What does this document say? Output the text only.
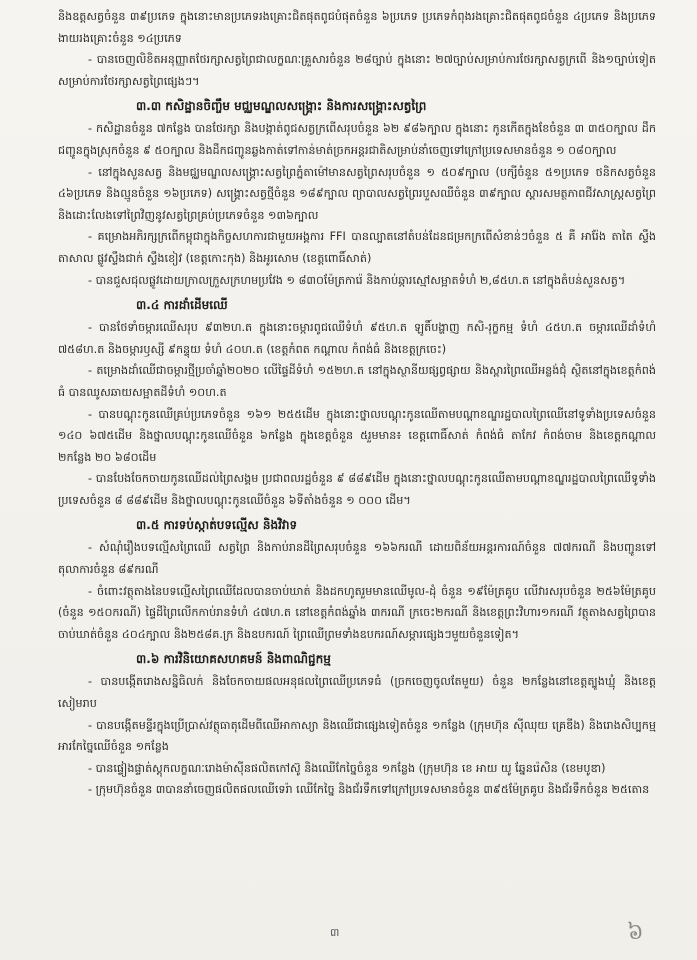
និងឧត្តសត្វចំនួន ៣៩ប្រភេទ ក្នុងនោះមានប្រភេទរងគ្រោះជិតផុតពូជបំផុតចំនួន ៦ប្រភេទ ប្រភេទកំពុងរងគ្រោះជិតផុតពូជចំនួន ៤ប្រភេទ និងប្រភេទងាយរងគ្រោះចំនួន ១៤ប្រភេទ

- បានចេញលិខិតអនុញ្ញាតថែរក្សាសត្វព្រៃជាលក្ខណៈគ្រួសារចំនួន ២៨ច្បាប់ ក្នុងនោះ ២៧ច្បាប់សម្រាប់ការថែរក្សាសត្វក្រពើ និង១ច្បាប់ទៀតសម្រាប់ការថែរក្សាសត្វព្រៃផ្សេងៗ។

៣.៣ កសិដ្ឋានចិញ្ចឹម មជ្ឈមណ្ឌលសង្គ្រោះ និងការសង្គ្រោះសត្វព្រៃ

- កសិដ្ឋានចំនួន ៧កន្លែង បានថែរក្សា និងបង្កាត់ពូជសត្វក្រពើសរុបចំនួន ៦២ ៩៨៦ក្បាល ក្នុងនោះ កូនកើតក្នុងខែចំនួន ៣ ៣៥០ក្បាល ដឹកជញ្ជូនក្នុងស្រុកចំនួន ៩ ៥០ក្បាល និងដឹកជញ្ជូនឆ្លងកាត់ទៅកាន់មាត់ច្រកអន្តរជាតិសម្រាប់នាំចេញទៅក្រៅប្រទេសមានចំនួន ១ ០៨០ក្បាល

- នៅក្នុងសួនសត្វ និងមជ្ឈមណ្ឌលសង្គ្រោះសត្វព្រៃភ្នំតាម៉ៅមានសត្វព្រៃសរុបចំនួន ១ ៥០៩ក្បាល (បក្សីចំនួន ៥១ប្រភេទ ថនិកសត្វចំនួន ៤៦ប្រភេទ និងល្មូនចំនួន ១៦ប្រភេទ) សង្គ្រោះសត្វថ្មីចំនួន ១៨៩ក្បាល ព្យាបាលសត្វព្រៃរបួសឈឺចំនួន ៣៩ក្បាល ស្តារសមត្ថភាពជីវសាស្ត្រសត្វព្រៃ និងដោះលែងទៅព្រៃវិញនូវសត្វព្រៃគ្រប់ប្រភេទចំនួន ១៣៦ក្បាល

- គម្រោងអភិរក្សក្រពើកម្ពុជាក្នុងកិច្ចសហការជាមួយអង្គការ FFI បានល្បាតនៅតំបន់ដែនជម្រកក្រពើសំខាន់ៗចំនួន ៥ គឺ អារ៉ែង តាតៃ ស្ទឹងតាសាល ផ្លូវស្ទឹងជាក់ ស្ទឹងខៀវ (ខេត្តកោះកុង) និងអូរសោម (ខេត្តពោធិ៍សាត់)

- បានជួសជុលផ្លូវដោយក្រាលក្រួសក្រហមប្រវែង ១ ៨៣០ម៉ែត្រការ៉េ និងកាប់ឆ្ការស្មៅសម្អាតទំហំ ២,៨៥ហ.ត នៅក្នុងតំបន់សួនសត្វ។

៣.៤ ការដាំដើមឈើ

- បានថែទាំចម្ការឈើសរុប ៩៣២ហ.ត ក្នុងនោះចម្ការពូជឈើទំហំ ៩៥ហ.ត ឡូតិ៍បង្ហាញ កសិ-រុក្ខកម្ម ទំហំ ៤៥ហ.ត ចម្ការឈើដាំទំហំ ៧៥៨ហ.ត និងចម្ការឫស្សី ៩កន្ទុយ ទំហំ ៤០ហ.ត (ខេត្តកំពត កណ្ដាល កំពង់ធំ និងខេត្តក្រចេះ)

- តម្រោងដាំឈើជាចម្ការថ្មីប្រចាំឆ្នាំ២០២០ លើផ្ទៃដីទំហំ ១៥២ហ.ត នៅក្នុងស្ថានីយផ្សព្វផ្សាយ និងស្ពារព្រៃឈើអន្លង់ជុំ ស្ថិតនៅក្នុងខេត្តកំពង់ធំ បានឈូសឆាយសម្អាតដីទំហំ ១០ហ.ត

- បានបណ្ដុះកូនឈើគ្រប់ប្រភេទចំនួន ១៦១ ២៥៥ដើម ក្នុងនោះថ្នាលបណ្ដុះកូនឈើតាមបណ្ដាខណ្ឌរដ្ឋបាលព្រៃឈើនៅទូទាំងប្រទេសចំនួន ១៤០ ៦៧៥ដើម និងថ្នាលបណ្ដុះកូនឈើចំនួន ៦កន្លែង ក្នុងខេត្តចំនួន ៥រួមមាន៖ ខេត្តពោធិ៍សាត់ កំពង់ធំ តាកែវ កំពង់ចាម និងខេត្តកណ្ដាល ២កន្លែង ២០ ៦៨០ដើម

- បានបែងចែកចាយកូនឈើដល់ព្រៃសង្គម ប្រជាពលរដ្ឋចំនួន ៩ ៨៨៩ដើម ក្នុងនោះថ្នាលបណ្ដុះកូនឈើតាមបណ្ដាខណ្ឌរដ្ឋបាលព្រៃឈើទូទាំងប្រទេសចំនួន ៨ ៨៨៩ដើម និងថ្នាលបណ្ដុះកូនឈើចំនួន ៦ទីតាំងចំនួន ១ ០០០ ដើម។

៣.៥ ការទប់ស្កាត់បទល្មើស និងវិវាទ

- សំណុំរឿងបទល្មើសព្រៃឈើ សត្វព្រៃ និងកាប់រានដីព្រៃសរុបចំនួន ១៦៦ករណី ដោយពិន័យអន្តរការណ៍ចំនួន ៧៧ករណី និងបញ្ជូនទៅតុលាការចំនួន ៨៩ករណី

- ចំពោះវត្ថុតាងនៃបទល្មើសព្រៃឈើដែលបានចាប់ឃាត់ និងដកហូតរួមមានឈើមូល-ដុំ ចំនួន ១៩ម៉ែត្រគូប លើវារសរុបចំនួន ២៥៦ម៉ែត្រគូប (ចំនួន ១៥០ករណី) ផ្ទៃដីព្រៃលើកកាប់រានទំហំ ៤៧ហ.ត នៅខេត្តកំពង់ឆ្នាំង ៣ករណី ក្រចេះ២ករណី និងខេត្តព្រះវិហារ១ករណី វត្ថុតាងសត្វព្រៃបានចាប់ឃាត់ចំនួន ៤០៤ក្បាល និង២៥៨គ.ក្រ និងឧបករណ៍ ព្រៃឈើព្រមទាំងឧបករណ៍សម្ភារផ្សេងៗមួយចំនួនទៀត។

៣.៦ ការវិនិយោគសហគមន៍ និងពាណិជ្ជកម្ម

- បានបង្កើតរោងសន្និធិលក់ និងចែកចាយផលអនុផលព្រៃឈើប្រភេទធំ (ច្រកចេញចូលតែមួយ) ចំនួន ២កន្លែងនៅខេត្តត្បូងឃ្មុំ និងខេត្តសៀមរាប

- បានបង្កើតមន្ទីរក្នុងប្រើប្រាស់វត្ថុធាតុដើមពីឈើអាកាស្យា និងឈើជាផ្សេងទៀតចំនួន ១កន្លែង (ក្រុមហ៊ុន ស៊ីឈុយ គ្រេឌីង) និងរោងសិប្បកម្មអារកែច្នៃឈើចំនួន ១កន្លែង

- បានផ្ទៀងផ្ទាត់ស្តុកលក្ខណៈរោងម៉ាស៊ីនផលិតកៅស៊ូ និងឈើកែច្នៃចំនួន ១កន្លែង (ក្រុមហ៊ុន ខេ អាយ យូ ឆ្នែនរ៉េសិន (ខេមបូឌា)

- ក្រុមហ៊ុនចំនួន ៣បាននាំចេញផលិតផលឈើទេរ៉ា ឈើកែច្នៃ និងជ័រទឹកទៅក្រៅប្រទេសមានចំនួន ៣៩៥ម៉ែត្រគូប និងជ័រទឹកចំនួន ២៥តោន

៣	៦
